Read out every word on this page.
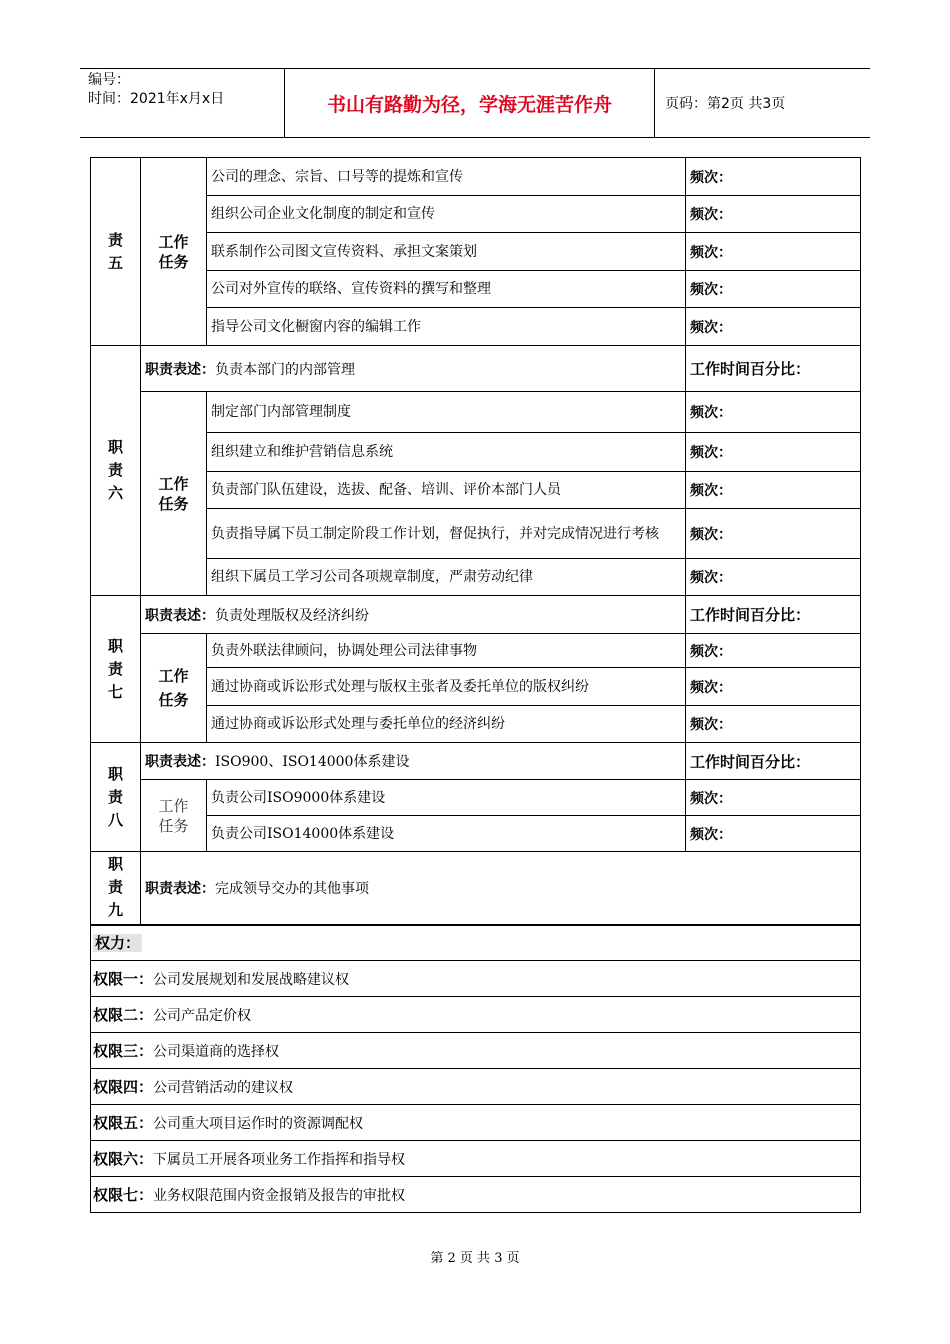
编号：
时间：2021年x月x日	书山有路勤为径，学海无涯苦作舟	页码：第2页 共3页
责五	工作任务	公司的理念、宗旨、口号等的提炼和宣传	频次：
		组织公司企业文化制度的制定和宣传	频次：
		联系制作公司图文宣传资料、承担文案策划	频次：
		公司对外宣传的联络、宣传资料的撰写和整理	频次：
		指导公司文化橱窗内容的编辑工作	频次：
职责六	职责表述：负责本部门的内部管理		工作时间百分比：
	工作任务	制定部门内部管理制度	频次：
		组织建立和维护营销信息系统	频次：
		负责部门队伍建设，选拔、配备、培训、评价本部门人员	频次：
		负责指导属下员工制定阶段工作计划，督促执行，并对完成情况进行考核	频次：
		组织下属员工学习公司各项规章制度，严肃劳动纪律	频次：
职责七	职责表述：负责处理版权及经济纠纷		工作时间百分比：
	工作任务	负责外联法律顾问，协调处理公司法律事物	频次：
		通过协商或诉讼形式处理与版权主张者及委托单位的版权纠纷	频次：
		通过协商或诉讼形式处理与委托单位的经济纠纷	频次：
职责八	职责表述：ISO900、ISO14000体系建设		工作时间百分比：
	工作任务	负责公司ISO9000体系建设	频次：
		负责公司ISO14000体系建设	频次：
职责九	职责表述：完成领导交办的其他事项		
权力：			
权限一：公司发展规划和发展战略建议权			
权限二：公司产品定价权			
权限三：公司渠道商的选择权			
权限四：公司营销活动的建议权			
权限五：公司重大项目运作时的资源调配权			
权限六：下属员工开展各项业务工作指挥和指导权			
权限七：业务权限范围内资金报销及报告的审批权			
第 2 页 共 3 页
